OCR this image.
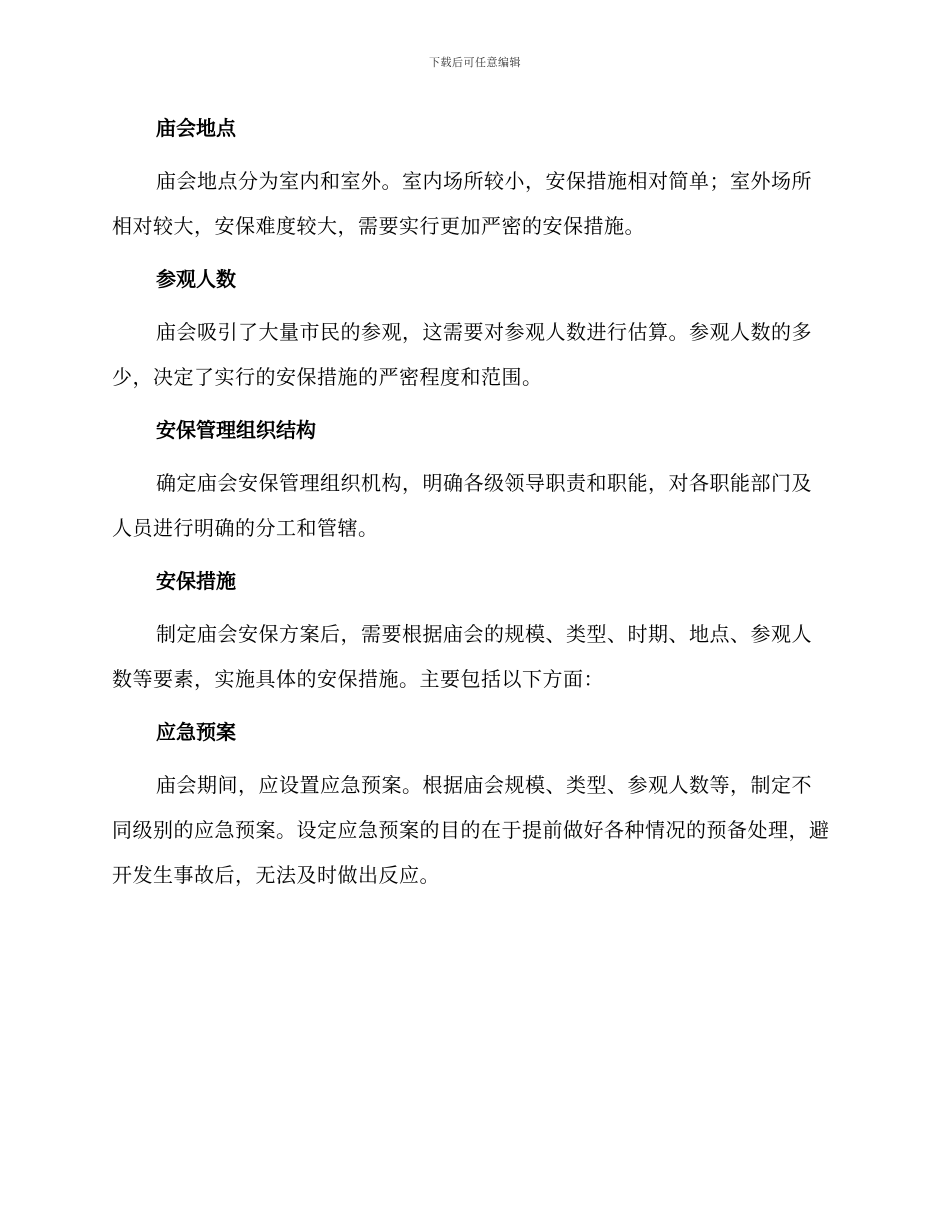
下载后可任意编辑
庙会地点

庙会地点分为室内和室外。室内场所较小，安保措施相对简单；室外场所相对较大，安保难度较大，需要实行更加严密的安保措施。

参观人数

庙会吸引了大量市民的参观，这需要对参观人数进行估算。参观人数的多少，决定了实行的安保措施的严密程度和范围。

安保管理组织结构

确定庙会安保管理组织机构，明确各级领导职责和职能，对各职能部门及人员进行明确的分工和管辖。

安保措施

制定庙会安保方案后，需要根据庙会的规模、类型、时期、地点、参观人数等要素，实施具体的安保措施。主要包括以下方面：

应急预案

庙会期间，应设置应急预案。根据庙会规模、类型、参观人数等，制定不同级别的应急预案。设定应急预案的目的在于提前做好各种情况的预备处理，避开发生事故后，无法及时做出反应。
